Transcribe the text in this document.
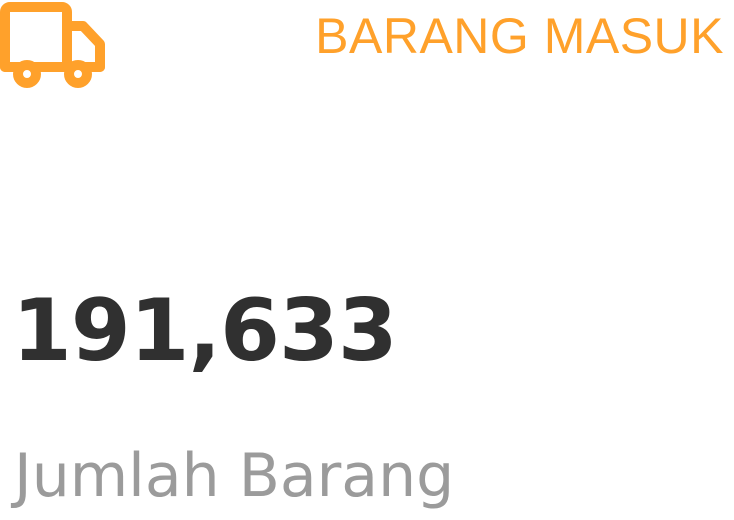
BARANG MASUK
191,633
Jumlah Barang
